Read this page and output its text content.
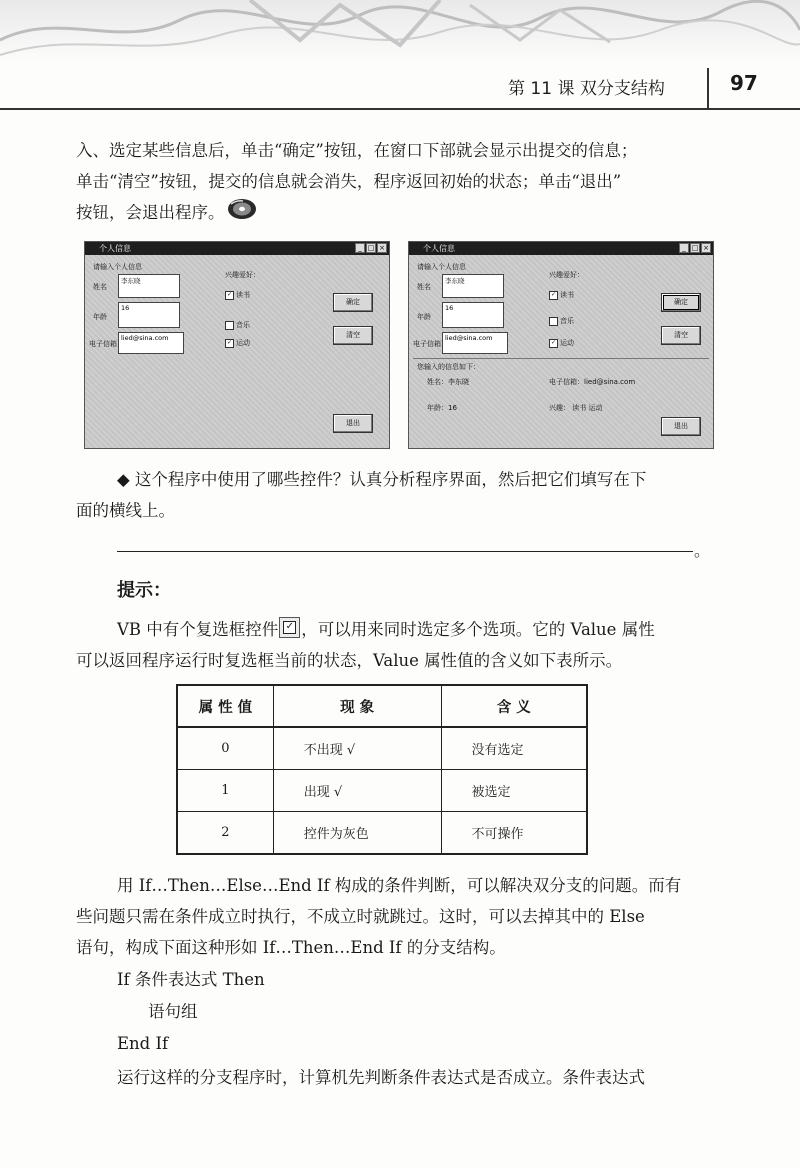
第 11 课 双分支结构	97

入、选定某些信息后，单击“确定”按钮，在窗口下部就会显示出提交的信息；

单击“清空”按钮，提交的信息就会消失，程序返回初始的状态；单击“退出”

按钮，会退出程序。

个人信息	_ □ ×
请输入个人信息
姓名
李东晓
年龄
16
电子信箱
lied@sina.com
兴趣爱好：
✓ 读书
音乐
✓ 运动
确定
清空
退出
个人信息	_ □ ×
请输入个人信息
姓名
李东晓
年龄
16
电子信箱
lied@sina.com
兴趣爱好：
✓ 读书
音乐
✓ 运动
确定
清空
您输入的信息如下：
姓名：李东晓	电子信箱：lied@sina.com
年龄：16	兴趣： 读书 运动
退出

◆ 这个程序中使用了哪些控件？认真分析程序界面，然后把它们填写在下

面的横线上。

。
提示：

VB 中有个复选框控件 ✓ ，可以用来同时选定多个选项。它的 Value 属性

可以返回程序运行时复选框当前的状态，Value 属性值的含义如下表所示。

属 性 值	现 象	含 义
0	不出现 √	没有选定
1	出现 √	被选定
2	控件为灰色	不可操作

用 If…Then…Else…End If 构成的条件判断，可以解决双分支的问题。而有

些问题只需在条件成立时执行，不成立时就跳过。这时，可以去掉其中的 Else

语句，构成下面这种形如 If…Then…End If 的分支结构。

If 条件表达式 Then

语句组

End If

运行这样的分支程序时，计算机先判断条件表达式是否成立。条件表达式
